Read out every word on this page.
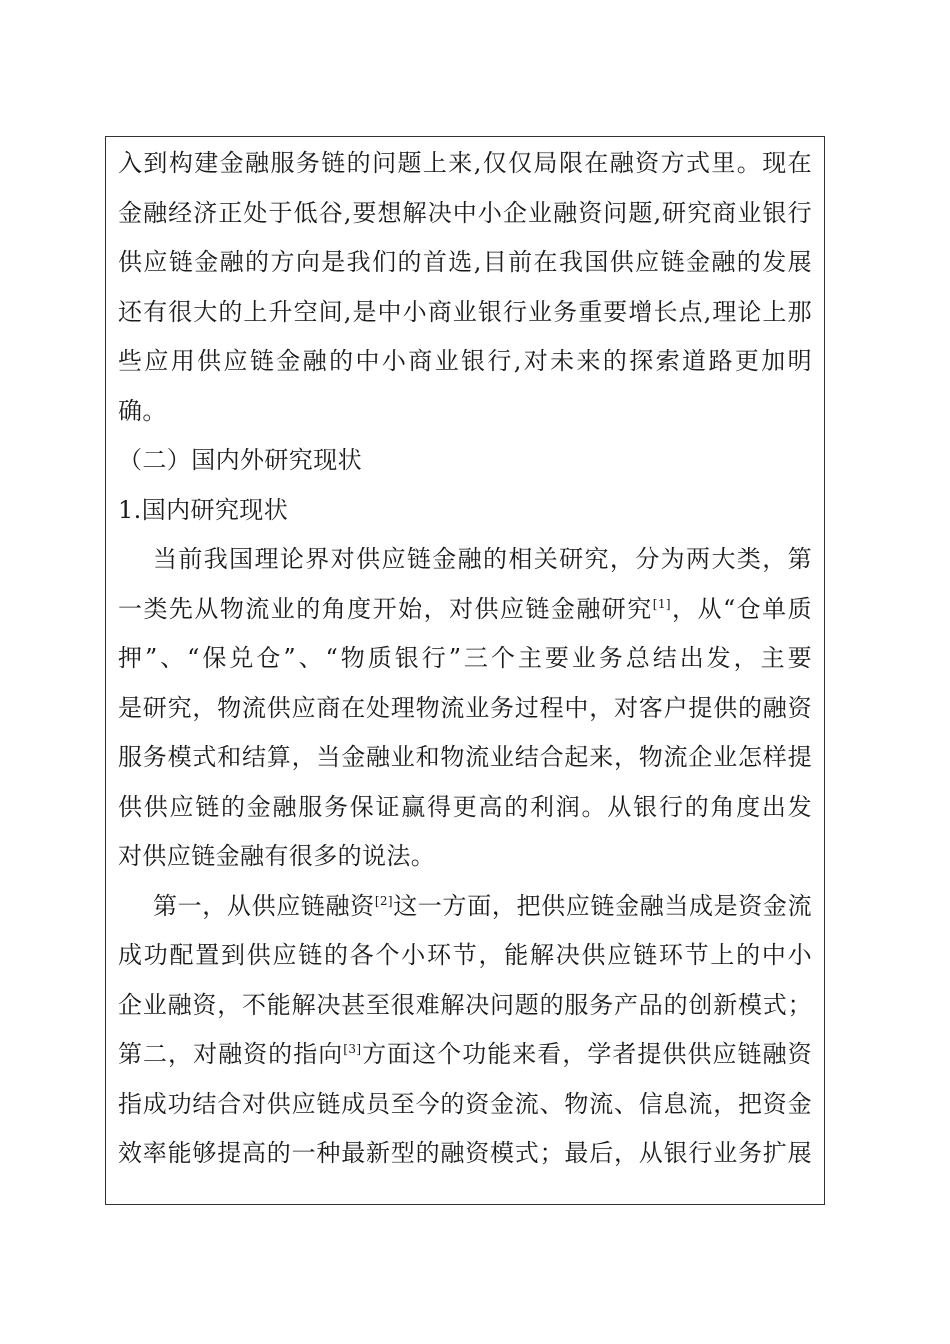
入到构建金融服务链的问题上来,仅仅局限在融资方式里。现在
金融经济正处于低谷,要想解决中小企业融资问题,研究商业银行
供应链金融的方向是我们的首选,目前在我国供应链金融的发展
还有很大的上升空间,是中小商业银行业务重要增长点,理论上那
些应用供应链金融的中小商业银行,对未来的探索道路更加明
确。
（二）国内外研究现状
1.国内研究现状
当前我国理论界对供应链金融的相关研究，分为两大类，第
一类先从物流业的角度开始，对供应链金融研究[1]，从“仓单质
押”、“保兑仓”、“物质银行”三个主要业务总结出发，主要
是研究，物流供应商在处理物流业务过程中，对客户提供的融资
服务模式和结算，当金融业和物流业结合起来，物流企业怎样提
供供应链的金融服务保证赢得更高的利润。从银行的角度出发
对供应链金融有很多的说法。
第一，从供应链融资[2]这一方面，把供应链金融当成是资金流
成功配置到供应链的各个小环节，能解决供应链环节上的中小
企业融资，不能解决甚至很难解决问题的服务产品的创新模式；
第二，对融资的指向[3]方面这个功能来看，学者提供供应链融资
指成功结合对供应链成员至今的资金流、物流、信息流，把资金
效率能够提高的一种最新型的融资模式；最后，从银行业务扩展
